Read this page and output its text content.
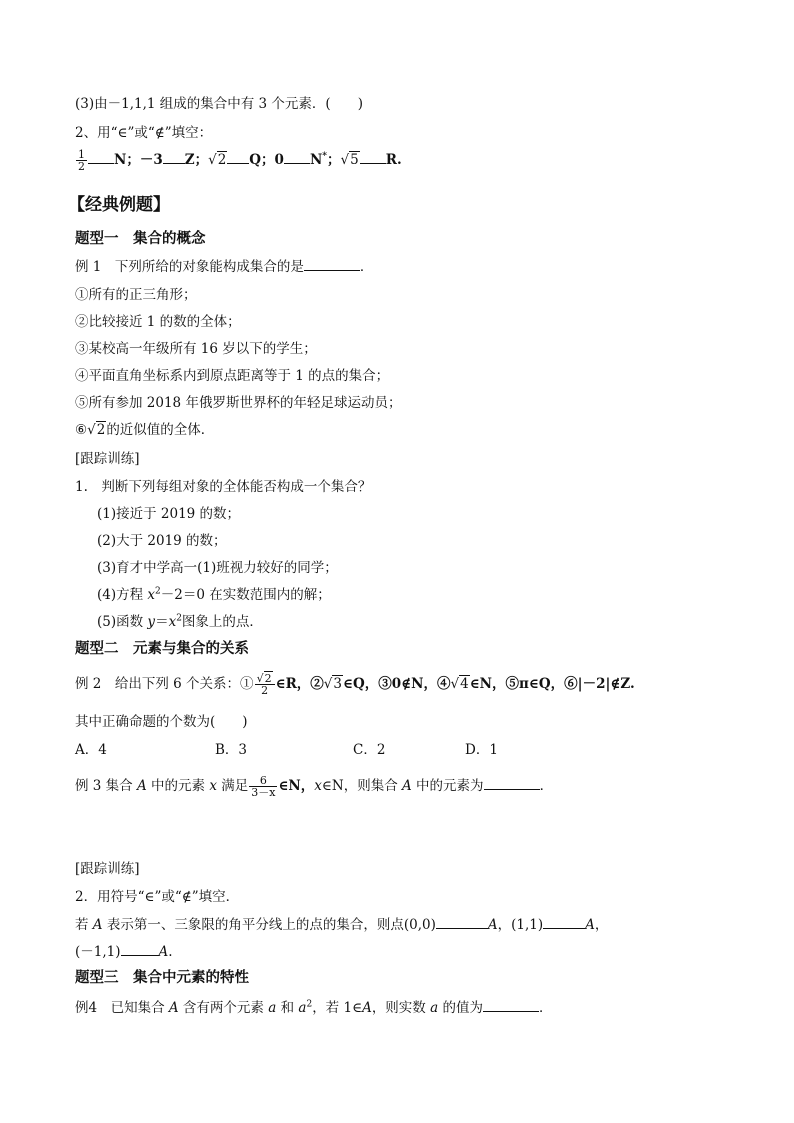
(3)由－1,1,1 组成的集合中有 3 个元素．(　　)
2、用“∈”或“∉”填空：
$\frac{1}{2}$ N；－3 Z；√2 Q；0 N*；√5 R.
【经典例题】
题型一　集合的概念
例 1　下列所给的对象能构成集合的是	．
①所有的正三角形；
②比较接近 1 的数的全体；
③某校高一年级所有 16 岁以下的学生；
④平面直角坐标系内到原点距离等于 1 的点的集合；
⑤所有参加 2018 年俄罗斯世界杯的年轻足球运动员；
⑥√2的近似值的全体．
[跟踪训练]
1.　判断下列每组对象的全体能否构成一个集合？
(1)接近于 2019 的数；
(2)大于 2019 的数；
(3)育才中学高一(1)班视力较好的同学；
(4)方程 $x^2-2=0$ 在实数范围内的解；
(5)函数 $y=x^2$图象上的点．
题型二　元素与集合的关系
例 2　给出下列 6 个关系：① $\frac{√2}{2}$ ∈R，②√3∈Q，③0∉N，④√4∈N，⑤π∈Q，⑥|－2|∉Z.
其中正确命题的个数为(　　)
A．4	B．3	C．2	D．1
例 3 集合 A 中的元素 x 满足 $\frac{6}{3-x}$ ∈N，x∈N，则集合 A 中的元素为	．
[跟踪训练]
2．用符号“∈”或“∉”填空．
若 A 表示第一、三象限的角平分线上的点的集合，则点(0,0)	A，(1,1)	A，
(－1,1)	A.
题型三　集合中元素的特性
例4　已知集合 A 含有两个元素 a 和 $a^2$，若 1∈A，则实数 a 的值为	．
